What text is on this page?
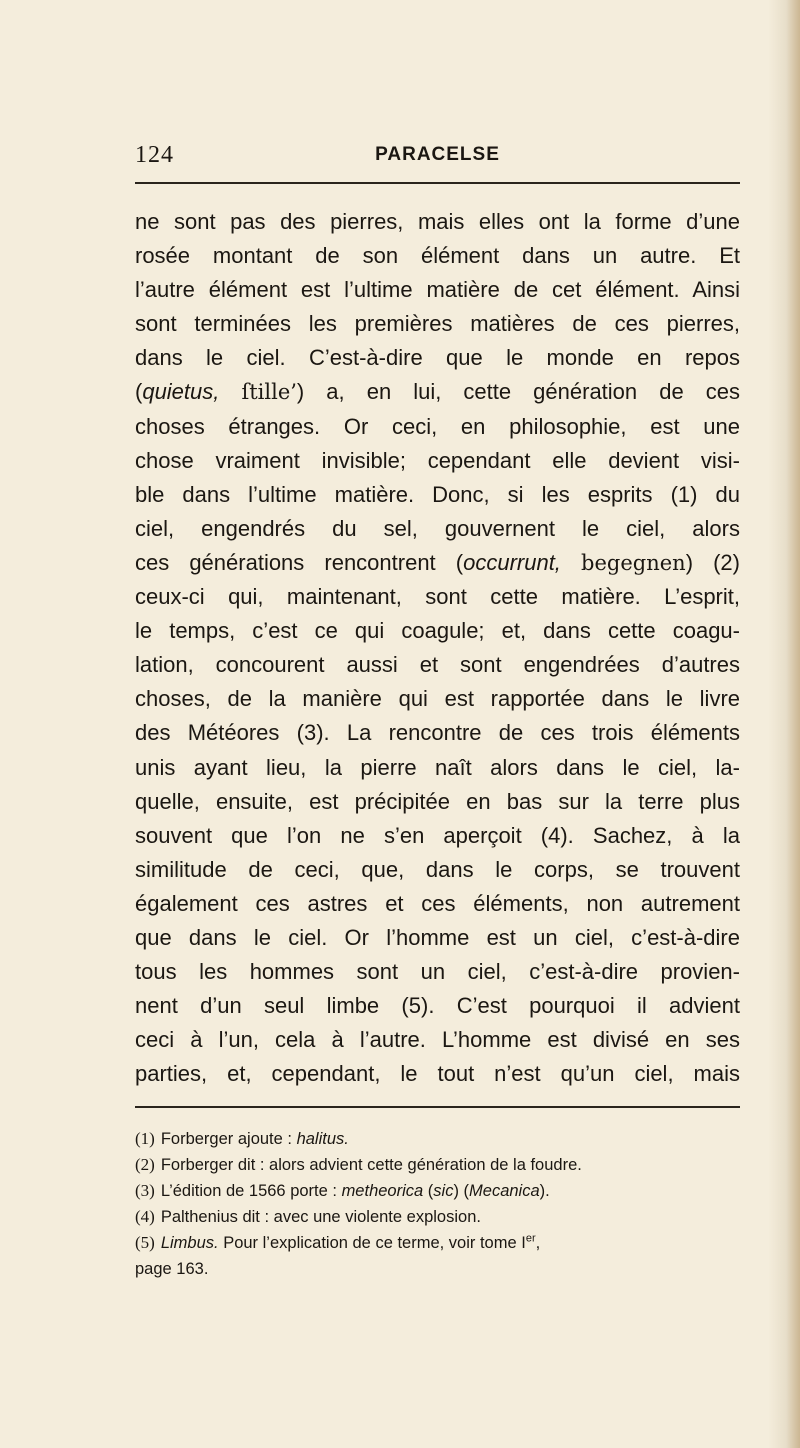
124	PARACELSE
ne sont pas des pierres, mais elles ont la forme d’une
rosée montant de son élément dans un autre. Et
l’autre élément est l’ultime matière de cet élément. Ainsi
sont terminées les premières matières de ces pierres,
dans le ciel. C’est-à-dire que le monde en repos
(quietus, ſtille’) a, en lui, cette génération de ces
choses étranges. Or ceci, en philosophie, est une
chose vraiment invisible; cependant elle devient visi-
ble dans l’ultime matière. Donc, si les esprits (1) du
ciel, engendrés du sel, gouvernent le ciel, alors
ces générations rencontrent (occurrunt, begegnen) (2)
ceux-ci qui, maintenant, sont cette matière. L’esprit,
le temps, c’est ce qui coagule; et, dans cette coagu-
lation, concourent aussi et sont engendrées d’autres
choses, de la manière qui est rapportée dans le livre
des Météores (3). La rencontre de ces trois éléments
unis ayant lieu, la pierre naît alors dans le ciel, la-
quelle, ensuite, est précipitée en bas sur la terre plus
souvent que l’on ne s’en aperçoit (4). Sachez, à la
similitude de ceci, que, dans le corps, se trouvent
également ces astres et ces éléments, non autrement
que dans le ciel. Or l’homme est un ciel, c’est-à-dire
tous les hommes sont un ciel, c’est-à-dire provien-
nent d’un seul limbe (5). C’est pourquoi il advient
ceci à l’un, cela à l’autre. L’homme est divisé en ses
parties, et, cependant, le tout n’est qu’un ciel, mais
(1) Forberger ajoute : halitus.
(2) Forberger dit : alors advient cette génération de la foudre.
(3) L’édition de 1566 porte : metheorica (sic) (Mecanica).
(4) Palthenius dit : avec une violente explosion.
(5) Limbus. Pour l’explication de ce terme, voir tome Ier,
page 163.
